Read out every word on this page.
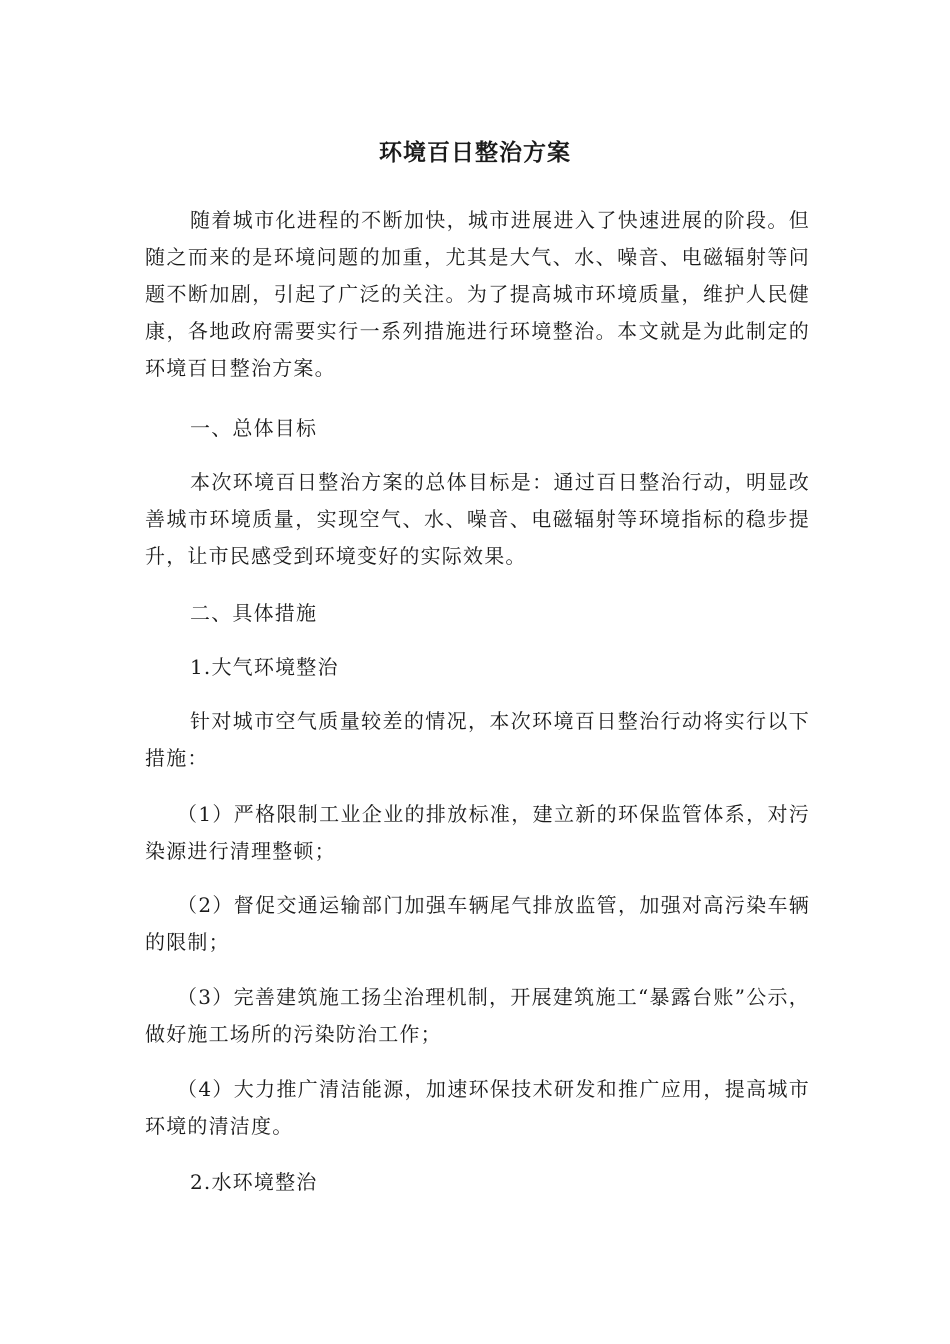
环境百日整治方案

随着城市化进程的不断加快，城市进展进入了快速进展的阶段。但随之而来的是环境问题的加重，尤其是大气、水、噪音、电磁辐射等问题不断加剧，引起了广泛的关注。为了提高城市环境质量，维护人民健康，各地政府需要实行一系列措施进行环境整治。本文就是为此制定的环境百日整治方案。

一、总体目标

本次环境百日整治方案的总体目标是：通过百日整治行动，明显改善城市环境质量，实现空气、水、噪音、电磁辐射等环境指标的稳步提升，让市民感受到环境变好的实际效果。

二、具体措施

1.大气环境整治

针对城市空气质量较差的情况，本次环境百日整治行动将实行以下措施：

（1）严格限制工业企业的排放标准，建立新的环保监管体系，对污染源进行清理整顿；

（2）督促交通运输部门加强车辆尾气排放监管，加强对高污染车辆的限制；

（3）完善建筑施工扬尘治理机制，开展建筑施工“暴露台账”公示，做好施工场所的污染防治工作；

（4）大力推广清洁能源，加速环保技术研发和推广应用，提高城市环境的清洁度。

2.水环境整治
